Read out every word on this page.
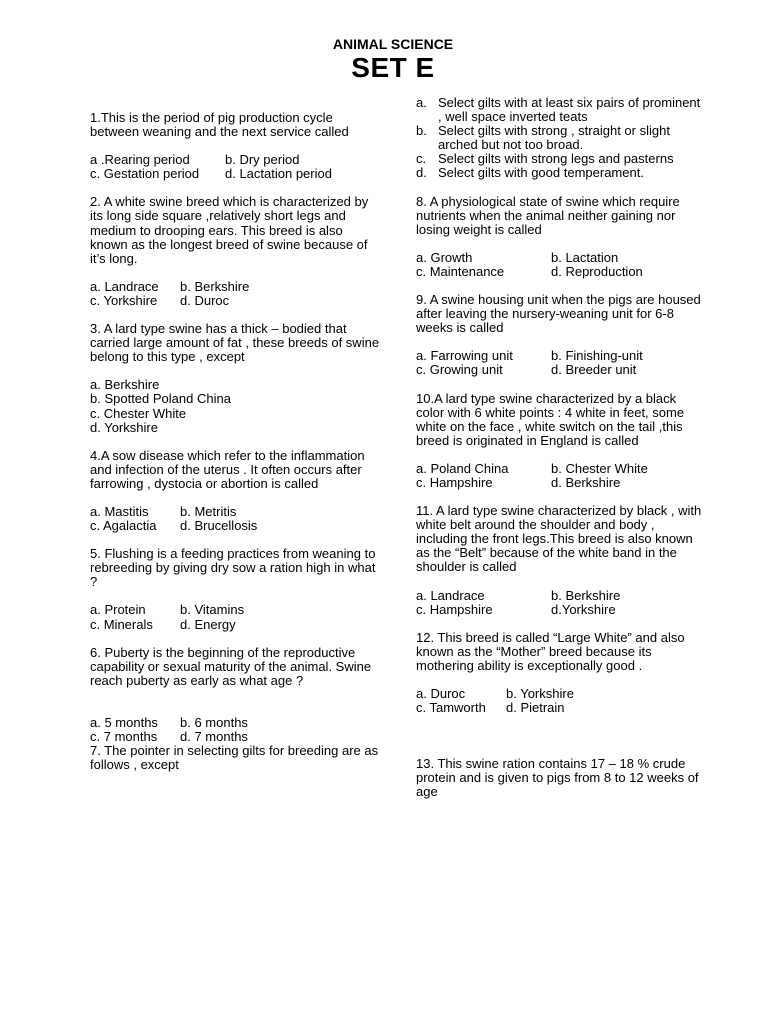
ANIMAL SCIENCE
SET E
1.This is the period of pig production cycle between weaning and the next service called
a .Rearing period	b. Dry period
c. Gestation period	d. Lactation period
2. A white swine breed which is characterized by its long side square ,relatively short legs and medium to drooping ears. This breed is also known as the longest breed of swine because of it’s long.
a. Landrace	b. Berkshire
c. Yorkshire	d. Duroc
3. A lard type swine has a thick – bodied that carried large amount of fat , these breeds of swine belong to this type , except
a. Berkshire
b. Spotted Poland China
c. Chester White
d. Yorkshire
4.A sow disease which refer to the inflammation and infection of the uterus . It often occurs after farrowing , dystocia or abortion is called
a. Mastitis	b. Metritis
c. Agalactia	d. Brucellosis
5. Flushing is a feeding practices from weaning to rebreeding by giving dry sow a ration high in what ?
a. Protein	b. Vitamins
c. Minerals	d. Energy
6. Puberty is the beginning of the reproductive capability or sexual maturity of the animal. Swine reach puberty as early as what age ?
a. 5 months	b. 6 months
c. 7 months	d. 7 months
7. The pointer in selecting gilts for breeding are as follows , except
a. Select gilts with at least six pairs of prominent , well space inverted teats
b. Select gilts with strong , straight or slight arched but not too broad.
c. Select gilts with strong legs and pasterns
d. Select gilts with good temperament.
8. A physiological state of swine which require nutrients when the animal neither gaining nor losing weight is called
a. Growth	b. Lactation
c. Maintenance	d. Reproduction
9. A swine housing unit when the pigs are housed after leaving the nursery-weaning unit for 6-8 weeks is called
a. Farrowing unit	b. Finishing-unit
c. Growing unit	d. Breeder unit
10.A lard type swine characterized by a black color with 6 white points : 4 white in feet, some white on the face , white switch on the tail ,this breed is originated in England is called
a. Poland China	b. Chester White
c. Hampshire	d. Berkshire
11. A lard type swine characterized by black , with white belt around the shoulder and body , including the front legs.This breed is also known as the “Belt” because of the white band in the shoulder is called
a. Landrace	b. Berkshire
c. Hampshire	d.Yorkshire
12. This breed is called “Large White” and also known as the “Mother” breed because its mothering ability is exceptionally good .
a. Duroc	b. Yorkshire
c. Tamworth	d. Pietrain
13. This swine ration contains 17 – 18 % crude protein and is given to pigs from 8 to 12 weeks of age
